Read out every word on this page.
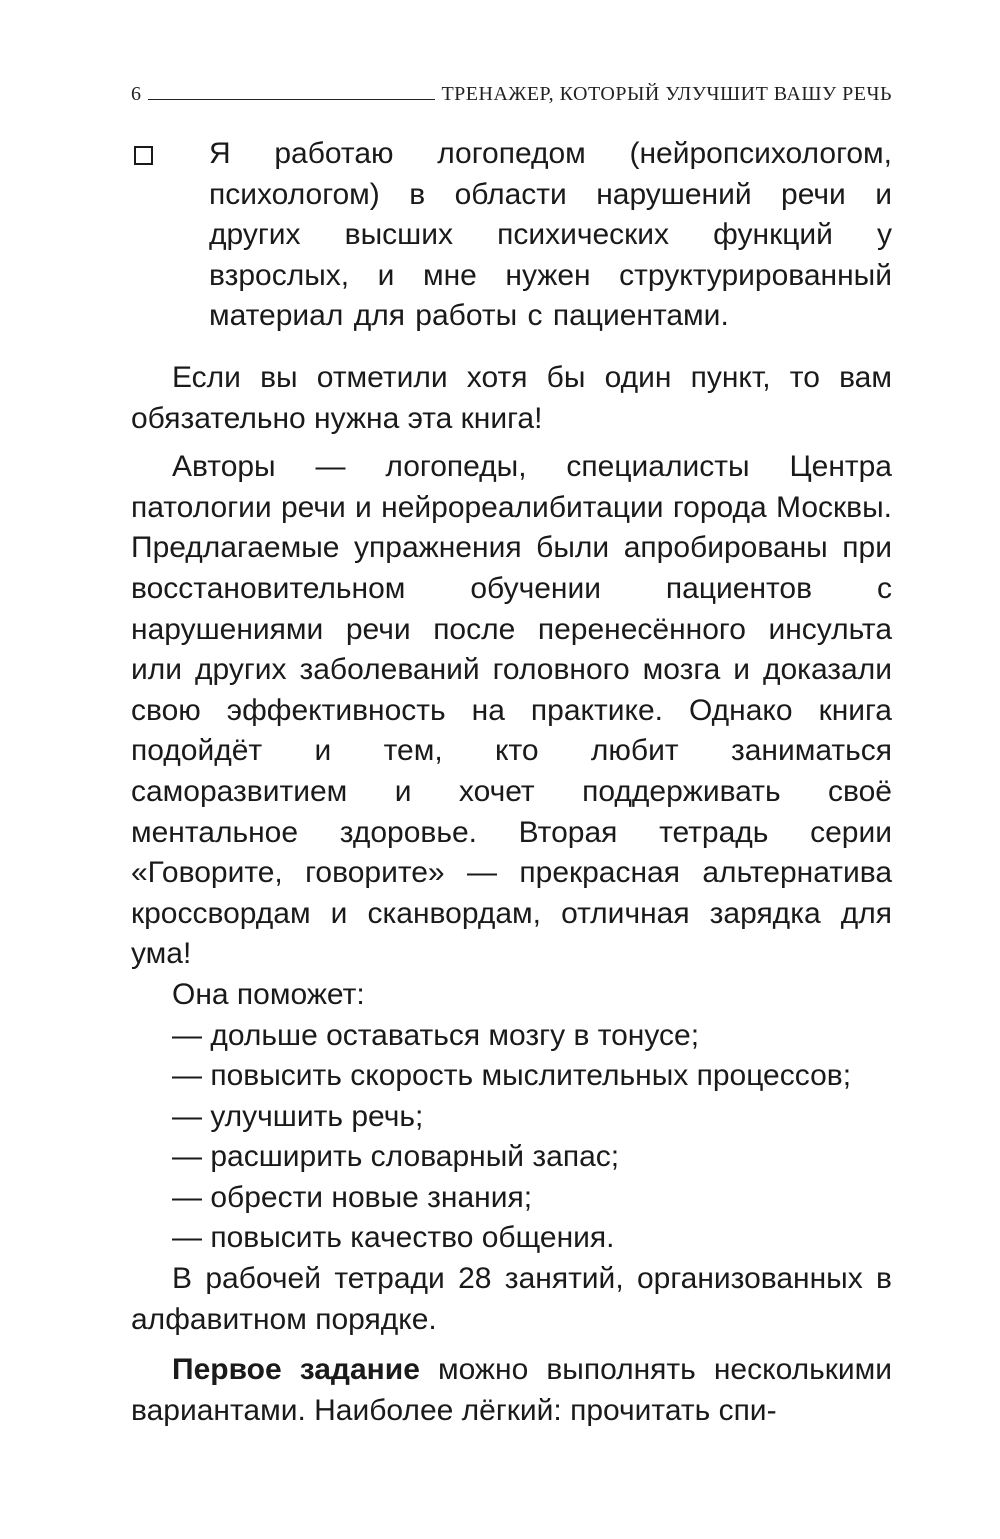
6	ТРЕНАЖЕР, КОТОРЫЙ УЛУЧШИТ ВАШУ РЕЧЬ
Я работаю логопедом (нейропсихологом, психологом) в области нарушений речи и других высших психических функций у взрослых, и мне нужен структурированный материал для работы с пациентами.

Если вы отметили хотя бы один пункт, то вам обязательно нужна эта книга!

Авторы — логопеды, специалисты Центра патологии речи и нейрореалибитации города Москвы. Предлагаемые упражнения были апробированы при восстановительном обучении пациентов с нарушениями речи после перенесённого инсульта или других заболеваний головного мозга и доказали свою эффективность на практике. Однако книга подойдёт и тем, кто любит заниматься саморазвитием и хочет поддерживать своё ментальное здоровье. Вторая тетрадь серии «Говорите, говорите» — прекрасная альтернатива кроссвордам и сканвордам, отличная зарядка для ума!

Она поможет:

— дольше оставаться мозгу в тонусе;

— повысить скорость мыслительных процессов;

— улучшить речь;

— расширить словарный запас;

— обрести новые знания;

— повысить качество общения.

В рабочей тетради 28 занятий, организованных в алфавитном порядке.

Первое задание можно выполнять несколькими вариантами. Наиболее лёгкий: прочитать спи-
